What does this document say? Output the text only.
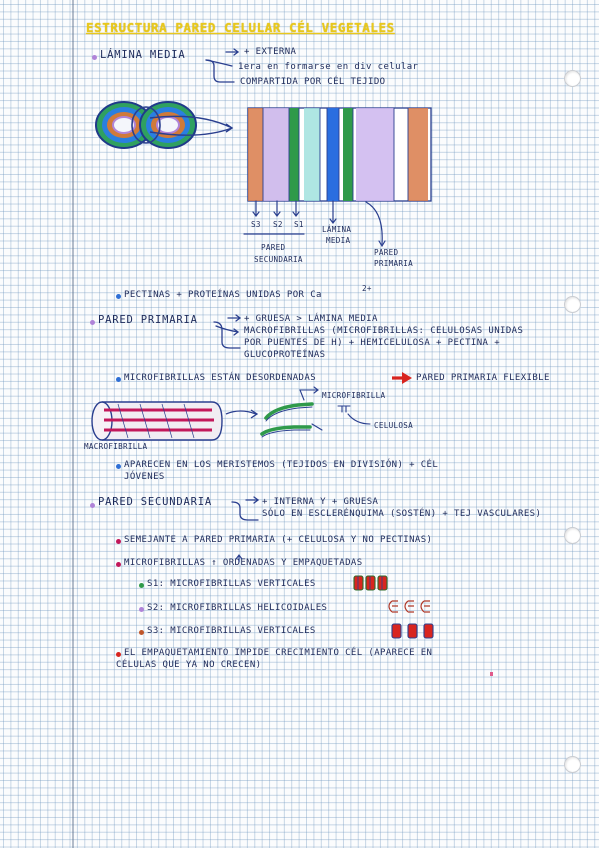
ESTRUCTURA PARED CELULAR CÉL VEGETALES
LÁMINA MEDIA	+ EXTERNA
1era en formarse en div celular
COMPARTIDA POR CÉL TEJIDO
S3 S2 S1
LÁMINA
MEDIA
PARED
SECUNDARIA
PARED
PRIMARIA
PECTINAS + PROTEÍNAS UNIDAS POR Ca
2+
PARED PRIMARIA	+ GRUESA > LÁMINA MEDIA
MACROFIBRILLAS (MICROFIBRILLAS: CELULOSAS UNIDAS
POR PUENTES DE H) + HEMICELULOSA + PECTINA +
GLUCOPROTEÍNAS
MICROFIBRILLAS ESTÁN DESORDENADAS	PARED PRIMARIA FLEXIBLE
MICROFIBRILLA
CELULOSA
MACROFIBRILLA
APARECEN EN LOS MERISTEMOS (TEJIDOS EN DIVISIÓN) + CÉL
JÓVENES
PARED SECUNDARIA	+ INTERNA Y + GRUESA
SÓLO EN ESCLERÉNQUIMA (SOSTÉN) + TEJ VASCULARES)
SEMEJANTE A PARED PRIMARIA (+ CELULOSA Y NO PECTINAS)
MICROFIBRILLAS ↑ ORDENADAS Y EMPAQUETADAS
S1: MICROFIBRILLAS VERTICALES
S2: MICROFIBRILLAS HELICOIDALES
S3: MICROFIBRILLAS VERTICALES
EL EMPAQUETAMIENTO IMPIDE CRECIMIENTO CÉL (APARECE EN
CÉLULAS QUE YA NO CRECEN)
